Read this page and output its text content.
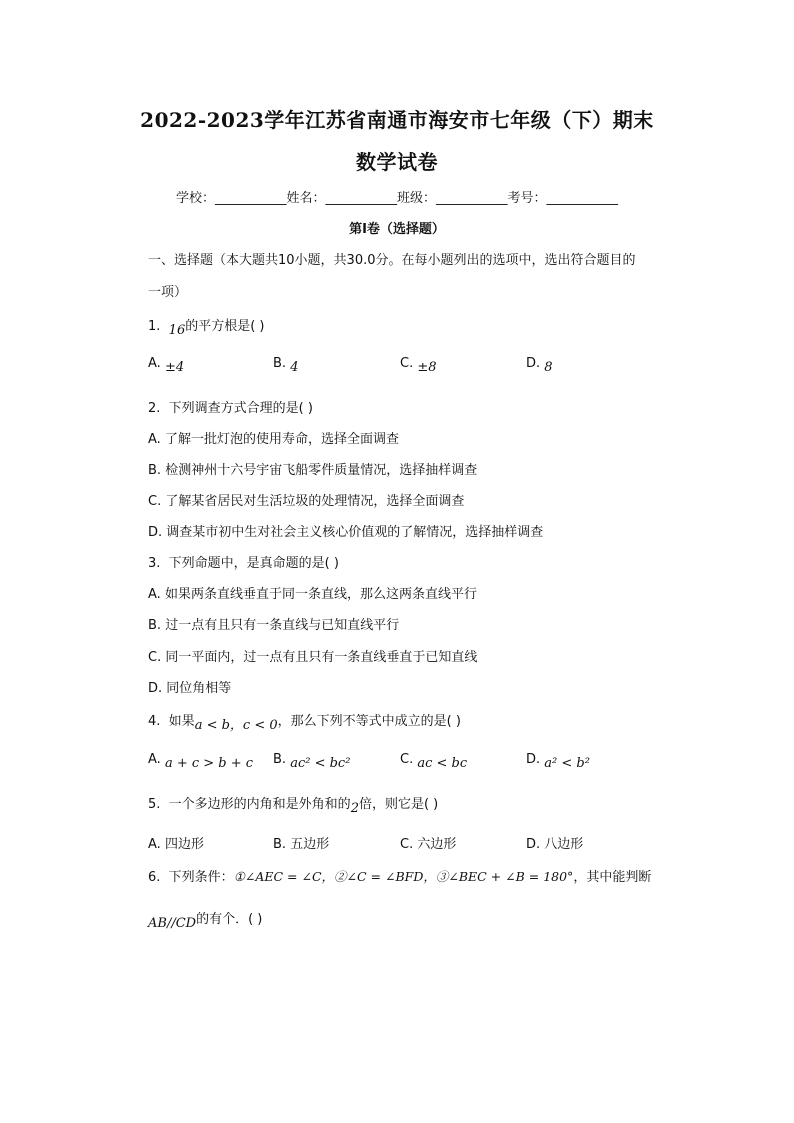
2022-2023学年江苏省南通市海安市七年级（下）期末
数学试卷
学校：___________姓名：___________班级：___________考号：___________
第I卷（选择题）
一、选择题（本大题共10小题，共30.0分。在每小题列出的选项中，选出符合题目的
一项）
1. 16的平方根是( )
A. ±4	B. 4	C. ±8	D. 8
2. 下列调查方式合理的是( )
A. 了解一批灯泡的使用寿命，选择全面调查
B. 检测神州十六号宇宙飞船零件质量情况，选择抽样调查
C. 了解某省居民对生活垃圾的处理情况，选择全面调查
D. 调查某市初中生对社会主义核心价值观的了解情况，选择抽样调查
3. 下列命题中，是真命题的是( )
A. 如果两条直线垂直于同一条直线，那么这两条直线平行
B. 过一点有且只有一条直线与已知直线平行
C. 同一平面内，过一点有且只有一条直线垂直于已知直线
D. 同位角相等
4. 如果a < b，c < 0，那么下列不等式中成立的是( )
A. a + c > b + c B. ac² < bc²	C. ac < bc	D. a² < b²
5. 一个多边形的内角和是外角和的2倍，则它是( )
A. 四边形	B. 五边形	C. 六边形	D. 八边形
6. 下列条件：①∠AEC = ∠C，②∠C = ∠BFD，③∠BEC + ∠B = 180°，其中能判断
AB//CD的有个．( )
